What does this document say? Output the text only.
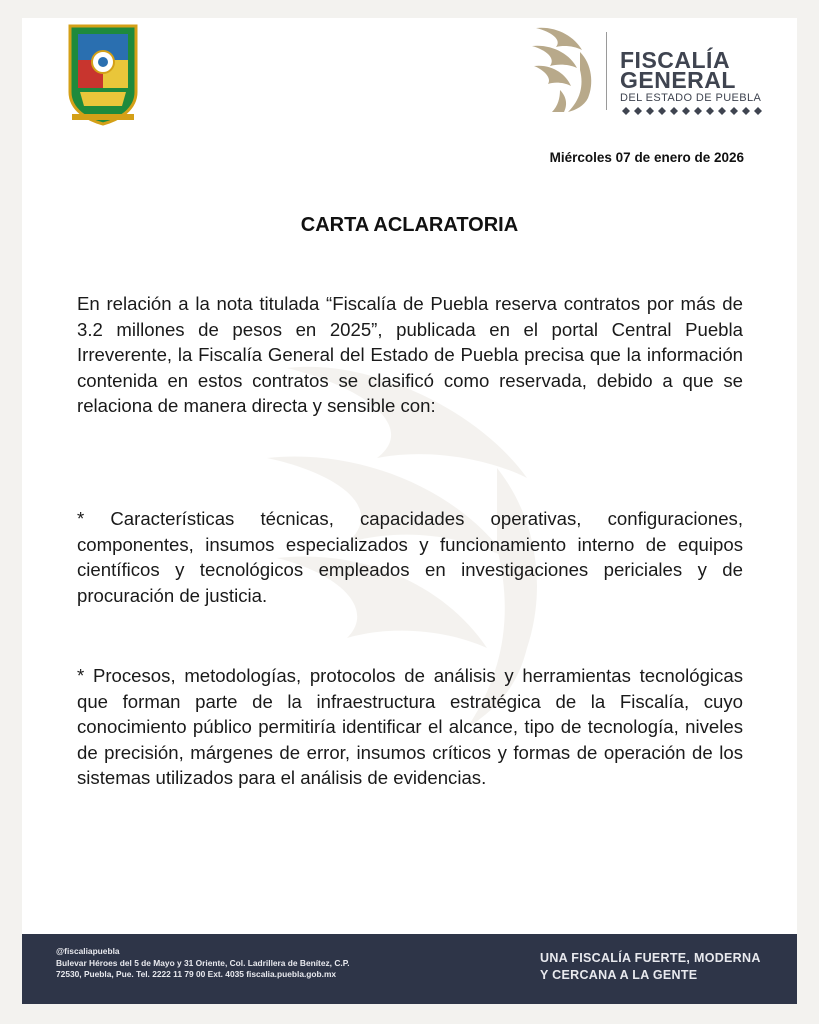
FISCALÍA
GENERAL
DEL ESTADO DE PUEBLA
Miércoles 07 de enero de 2026
CARTA ACLARATORIA

En relación a la nota titulada “Fiscalía de Puebla reserva contratos por más de 3.2 millones de pesos en 2025”, publicada en el portal Central Puebla Irreverente, la Fiscalía General del Estado de Puebla precisa que la información contenida en estos contratos se clasificó como reservada, debido a que se relaciona de manera directa y sensible con:

* Características técnicas, capacidades operativas, configuraciones, componentes, insumos especializados y funcionamiento interno de equipos científicos y tecnológicos empleados en investigaciones periciales y de procuración de justicia.

* Procesos, metodologías, protocolos de análisis y herramientas tecnológicas que forman parte de la infraestructura estratégica de la Fiscalía, cuyo conocimiento público permitiría identificar el alcance, tipo de tecnología, niveles de precisión, márgenes de error, insumos críticos y formas de operación de los sistemas utilizados para el análisis de evidencias.

@fiscaliapuebla
Bulevar Héroes del 5 de Mayo y 31 Oriente, Col. Ladrillera de Benítez, C.P.
72530, Puebla, Pue. Tel. 2222 11 79 00 Ext. 4035 fiscalia.puebla.gob.mx
UNA FISCALÍA FUERTE, MODERNA
Y CERCANA A LA GENTE
